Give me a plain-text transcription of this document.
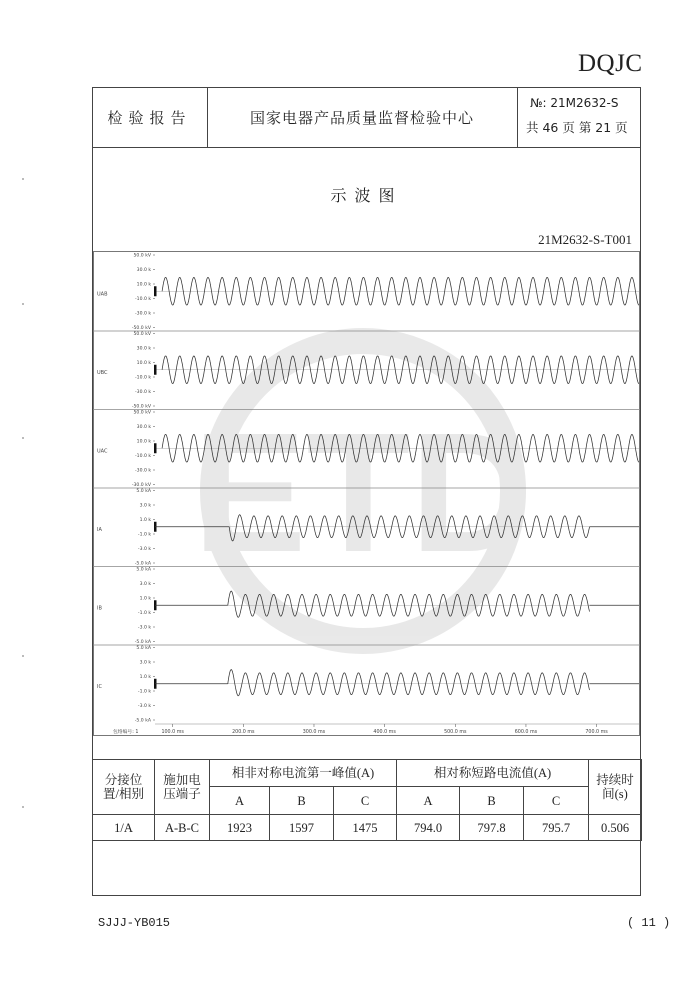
DQJC
检验报告	国家电器产品质量监督检验中心
№: 21M2632-S
共 46 页 第 21 页
示波图
21M2632-S-T001
ETD
UAB
50.0 kV
30.0 k
10.0 k
-10.0 k
-30.0 k
-50.0 kV
UBC
50.0 kV
30.0 k
10.0 k
-10.0 k
-30.0 k
-50.0 kV
UAC
50.0 kV
30.0 k
10.0 k
-10.0 k
-30.0 k
-30.0 kV
IA
5.0 kA
3.0 k
1.0 k
-1.0 k
-3.0 k
-5.0 kA
IB
5.0 kA
3.0 k
1.0 k
-1.0 k
-3.0 k
-5.0 kA
IC
5.0 kA
3.0 k
1.0 k
-1.0 k
-3.0 k
-5.0 kA
100.0 ms	200.0 ms	300.0 ms	400.0 ms	500.0 ms	600.0 ms	700.0 ms
包络编号: 1
分接位置/相别	施加电压端子	相非对称电流第一峰值(A)			相对称短路电流值(A)			持续时间(s)
		A	B	C	A	B	C	
1/A	A-B-C	1923	1597	1475	794.0	797.8	795.7	0.506
SJJJ-YB015	( 11 )
